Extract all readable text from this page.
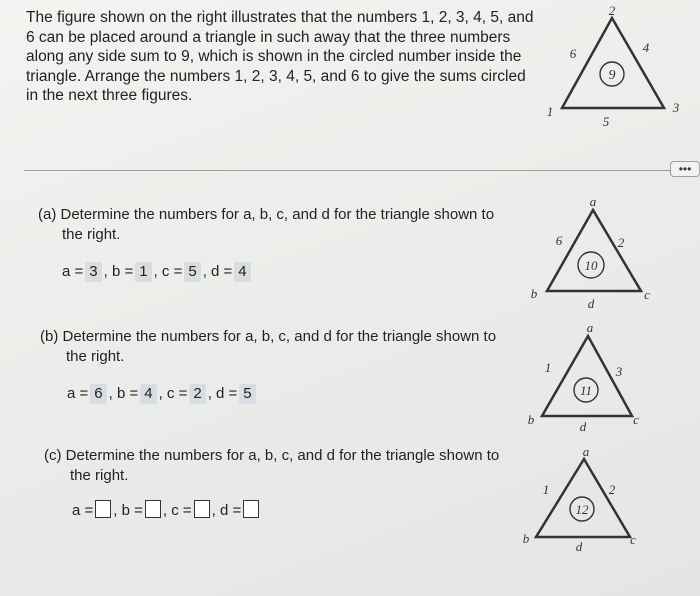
The figure shown on the right illustrates that the numbers 1, 2, 3, 4, 5, and
6 can be placed around a triangle in such away that the three numbers
along any side sum to 9, which is shown in the circled number inside the
triangle. Arrange the numbers 1, 2, 3, 4, 5, and 6 to give the sums circled
in the next three figures.
9
2
6	4
1
5
3
•••
(a) Determine the numbers for a, b, c, and d for the triangle shown to
the right.
a = 3 , b = 1 , c = 5 , d = 4	10
a
6	2
b
d
c
(b) Determine the numbers for a, b, c, and d for the triangle shown to
the right.
a = 6 , b = 4 , c = 2 , d = 5	11
a
1	3
b	d	c
(c) Determine the numbers for a, b, c, and d for the triangle shown to
the right.
a = , b = , c = , d =	12
a
1	2
b
d	c
